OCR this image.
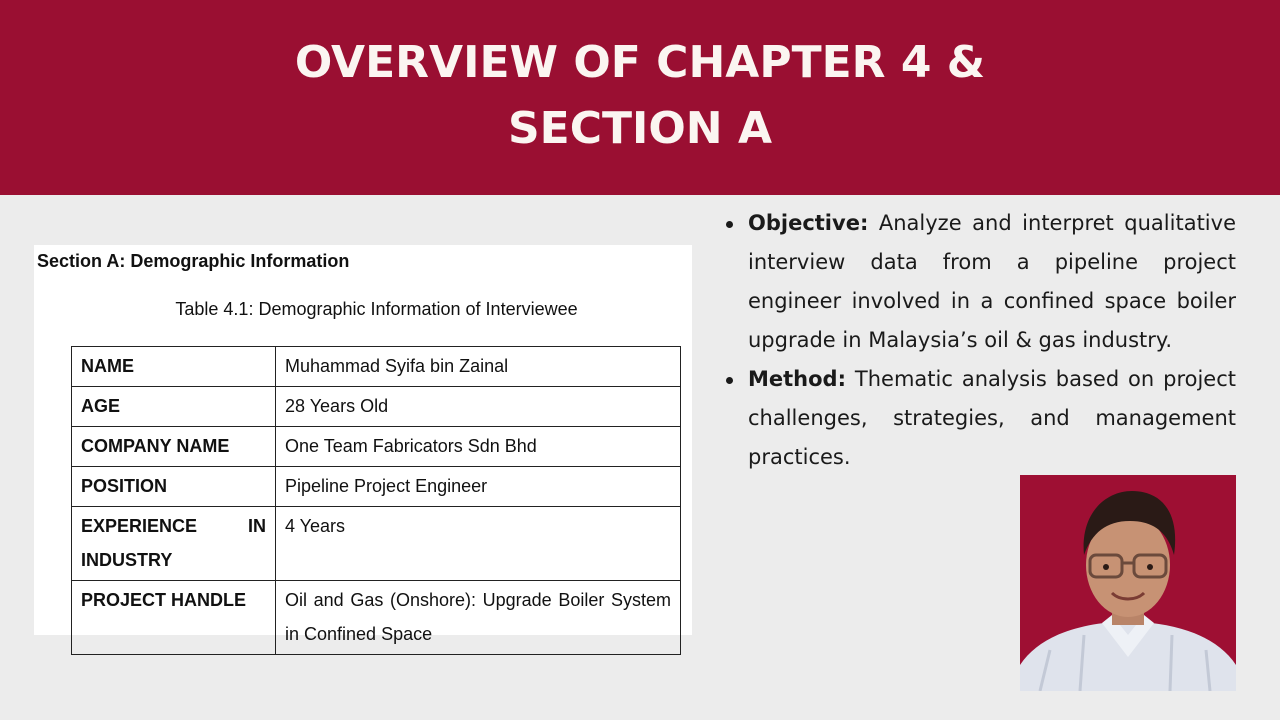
OVERVIEW OF CHAPTER 4 &
SECTION A
Section A: Demographic Information
Table 4.1: Demographic Information of Interviewee
NAME	Muhammad Syifa bin Zainal
AGE	28 Years Old
COMPANY NAME	One Team Fabricators Sdn Bhd
POSITION	Pipeline Project Engineer
EXPERIENCE IN INDUSTRY	4 Years
PROJECT HANDLE	Oil and Gas (Onshore): Upgrade Boiler System in Confined Space
Objective: Analyze and interpret qualitative interview data from a pipeline project engineer involved in a confined space boiler upgrade in Malaysia’s oil & gas industry.
Method: Thematic analysis based on project challenges, strategies, and management practices.
